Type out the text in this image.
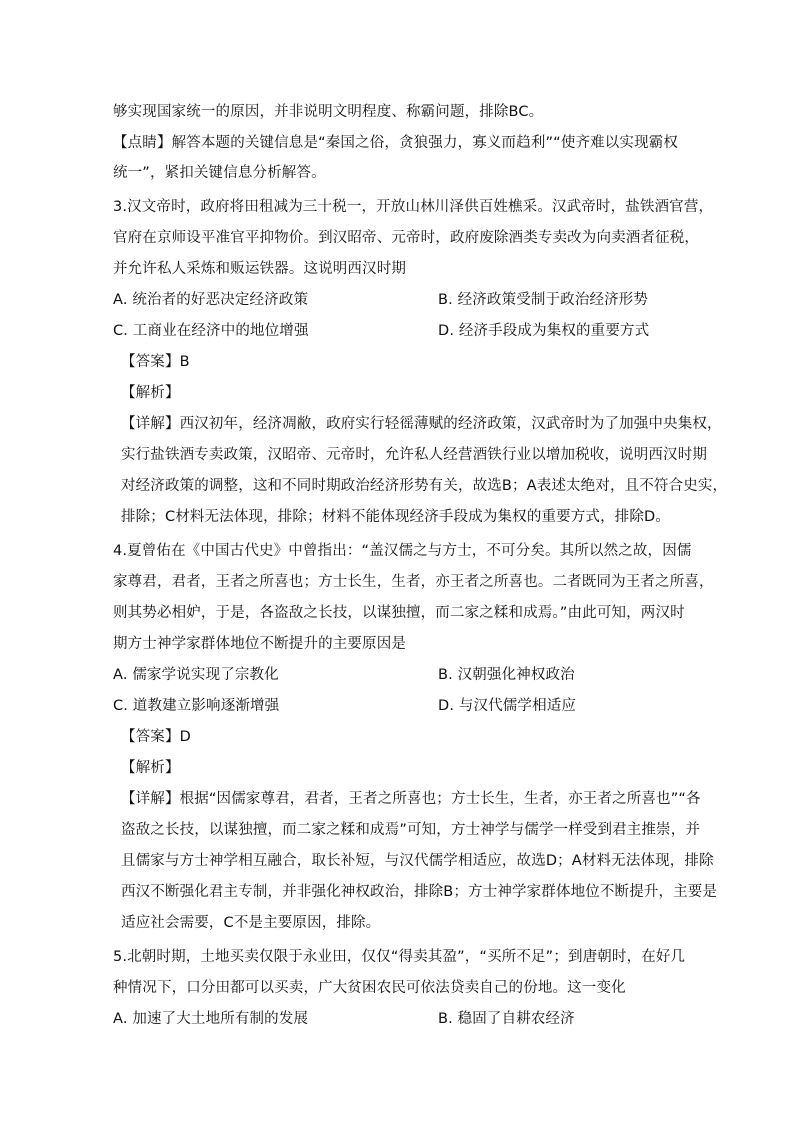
够实现国家统一的原因，并非说明文明程度、称霸问题，排除BC。
【点睛】解答本题的关键信息是“秦国之俗，贪狼强力，寡义而趋利”“使齐难以实现霸权
统一”，紧扣关键信息分析解答。
3.汉文帝时，政府将田租减为三十税一，开放山林川泽供百姓樵采。汉武帝时，盐铁酒官营，
官府在京师设平准官平抑物价。到汉昭帝、元帝时，政府废除酒类专卖改为向卖酒者征税，
并允许私人采炼和贩运铁器。这说明西汉时期
A. 统治者的好恶决定经济政策	B. 经济政策受制于政治经济形势
C. 工商业在经济中的地位增强	D. 经济手段成为集权的重要方式
【答案】B
【解析】
【详解】西汉初年，经济凋敝，政府实行轻徭薄赋的经济政策，汉武帝时为了加强中央集权，
实行盐铁酒专卖政策，汉昭帝、元帝时，允许私人经营酒铁行业以增加税收，说明西汉时期
对经济政策的调整，这和不同时期政治经济形势有关，故选B；A表述太绝对，且不符合史实，
排除；C材料无法体现，排除；材料不能体现经济手段成为集权的重要方式，排除D。
4.夏曾佑在《中国古代史》中曾指出：“盖汉儒之与方士，不可分矣。其所以然之故，因儒
家尊君，君者，王者之所喜也；方士长生，生者，亦王者之所喜也。二者既同为王者之所喜，
则其势必相妒，于是，各盗敌之长技，以谋独擅，而二家之糅和成焉。”由此可知，两汉时
期方士神学家群体地位不断提升的主要原因是
A. 儒家学说实现了宗教化	B. 汉朝强化神权政治
C. 道教建立影响逐渐增强	D. 与汉代儒学相适应
【答案】D
【解析】
【详解】根据“因儒家尊君，君者，王者之所喜也；方士长生，生者，亦王者之所喜也”“各
盗敌之长技，以谋独擅，而二家之糅和成焉”可知，方士神学与儒学一样受到君主推崇，并
且儒家与方士神学相互融合，取长补短，与汉代儒学相适应，故选D；A材料无法体现，排除
西汉不断强化君主专制，并非强化神权政治，排除B；方士神学家群体地位不断提升，主要是
适应社会需要，C不是主要原因，排除。
5.北朝时期，土地买卖仅限于永业田，仅仅“得卖其盈”，“买所不足”；到唐朝时，在好几
种情况下，口分田都可以买卖，广大贫困农民可依法贷卖自己的份地。这一变化
A. 加速了大土地所有制的发展	B. 稳固了自耕农经济
